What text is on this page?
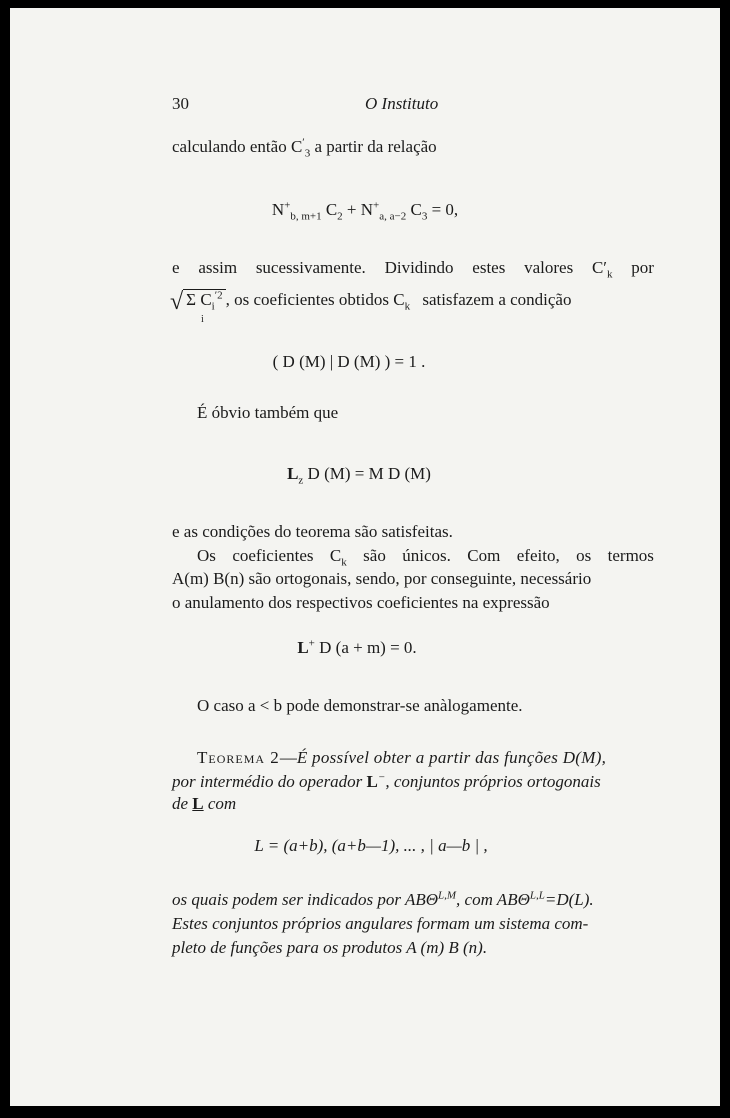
30	O Instituto
calculando então $C'_3$ a partir da relação
$N^+_{b, m+1}$ $C_2 + N^+_{a, a-2}$ $C_3 = 0$,
e assim sucessivamente. Dividindo estes valores $C'_k$ por
√ Σ $C_i^{'2}$ , os coeficientes obtidos $C_k$ satisfazem a condição
i
( D (M) | D (M) ) = 1 .
É óbvio também que
$L_z$ D (M) = M D (M)
e as condições do teorema são satisfeitas.
Os coeficientes $C_k$ são únicos. Com efeito, os termos
A(m) B(n) são ortogonais, sendo, por conseguinte, necessário
o anulamento dos respectivos coeficientes na expressão
L+ D (a + m) = 0.
O caso a < b pode demonstrar-se anàlogamente.
Teorema 2—É possível obter a partir das funções D(M),
por intermédio do operador L−, conjuntos próprios ortogonais
de L com
L = (a+b), (a+b—1), ... , | a—b | ,
os quais podem ser indicados por $AB\Theta^{L,M}$, com $AB\Theta^{L,L}=D(L)$.
Estes conjuntos próprios angulares formam um sistema com-
pleto de funções para os produtos A (m) B (n).
